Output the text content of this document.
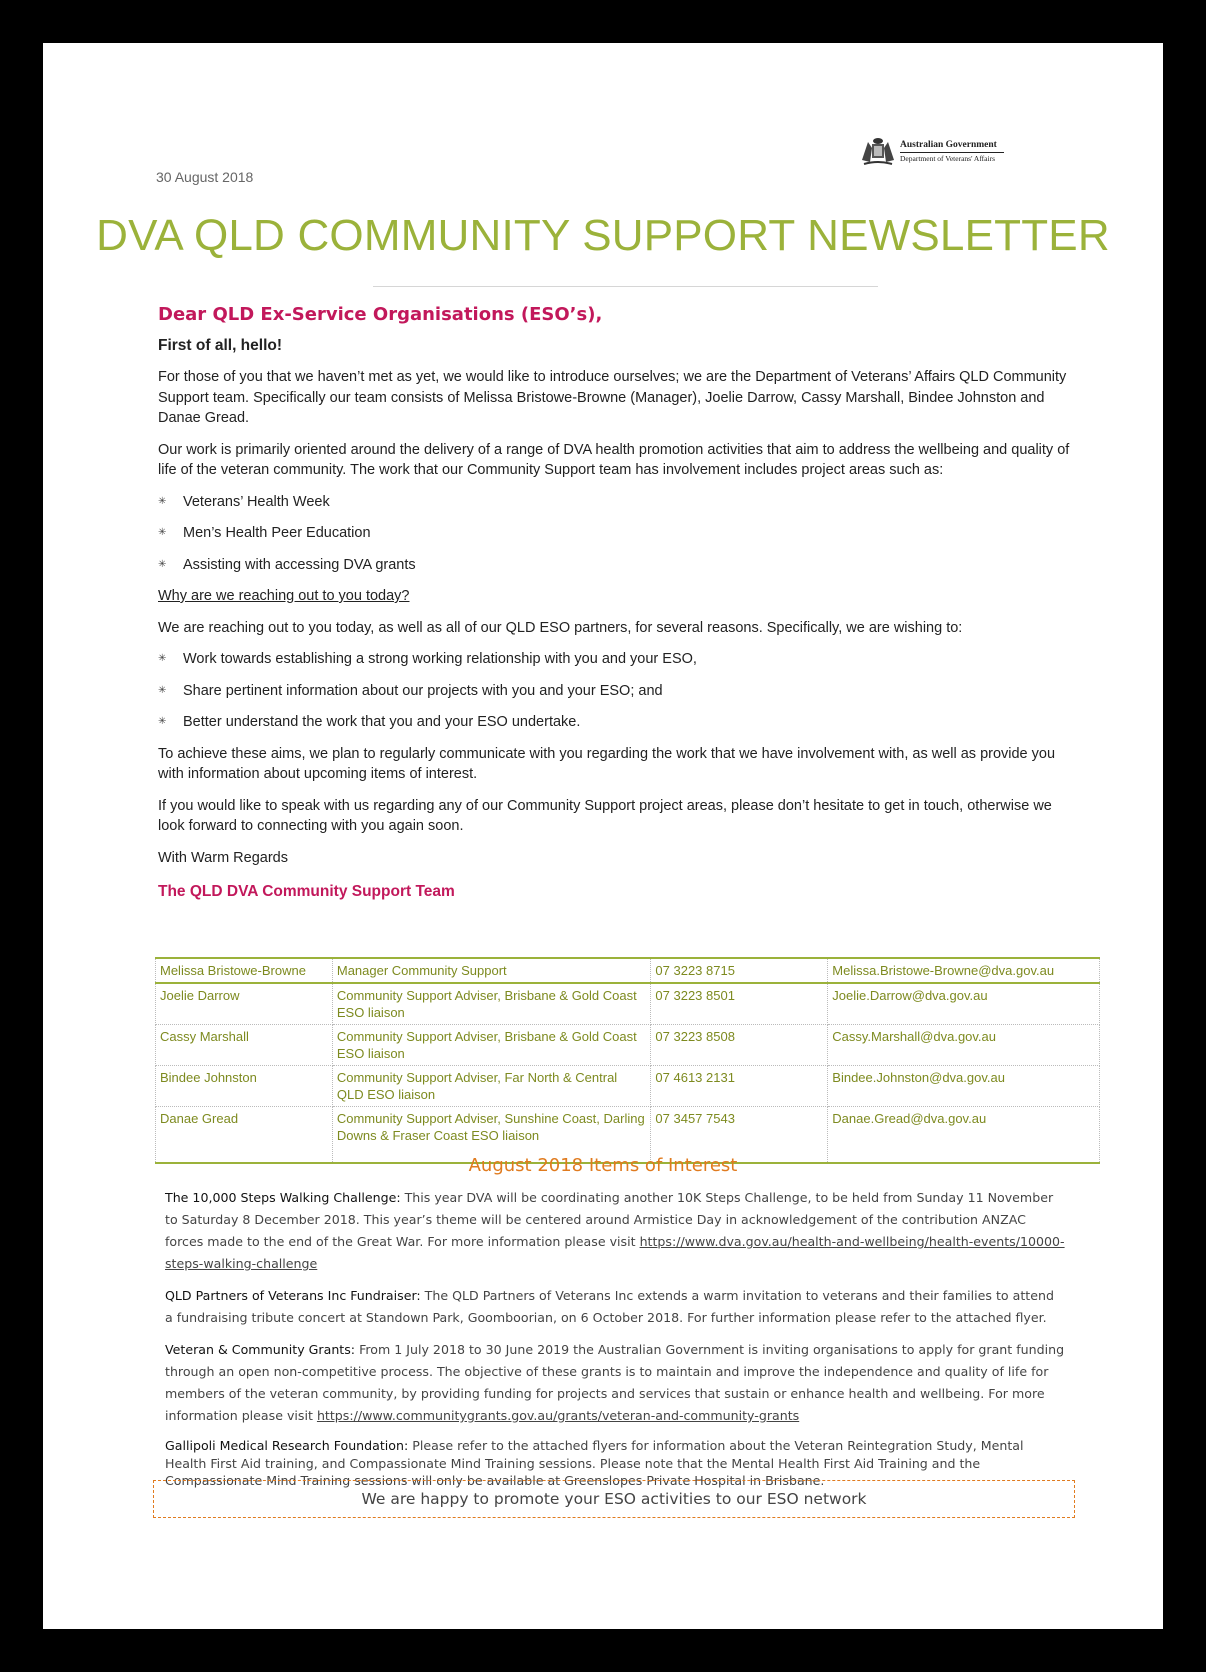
30 August 2018
Australian Government
Department of Veterans' Affairs
DVA QLD COMMUNITY SUPPORT NEWSLETTER
Dear QLD Ex-Service Organisations (ESO’s),
First of all, hello!

For those of you that we haven’t met as yet, we would like to introduce ourselves; we are the Department of Veterans’ Affairs QLD Community Support team. Specifically our team consists of Melissa Bristowe-Browne (Manager), Joelie Darrow, Cassy Marshall, Bindee Johnston and Danae Gread.

Our work is primarily oriented around the delivery of a range of DVA health promotion activities that aim to address the wellbeing and quality of life of the veteran community. The work that our Community Support team has involvement includes project areas such as:

✳ Veterans’ Health Week
✳ Men’s Health Peer Education
✳ Assisting with accessing DVA grants

Why are we reaching out to you today?

We are reaching out to you today, as well as all of our QLD ESO partners, for several reasons. Specifically, we are wishing to:

✳ Work towards establishing a strong working relationship with you and your ESO,
✳ Share pertinent information about our projects with you and your ESO; and
✳ Better understand the work that you and your ESO undertake.

To achieve these aims, we plan to regularly communicate with you regarding the work that we have involvement with, as well as provide you with information about upcoming items of interest.

If you would like to speak with us regarding any of our Community Support project areas, please don’t hesitate to get in touch, otherwise we look forward to connecting with you again soon.

With Warm Regards

The QLD DVA Community Support Team

Melissa Bristowe-Browne	Manager Community Support	07 3223 8715	Melissa.Bristowe-Browne@dva.gov.au
Joelie Darrow	Community Support Adviser, Brisbane & Gold Coast ESO liaison	07 3223 8501	Joelie.Darrow@dva.gov.au
Cassy Marshall	Community Support Adviser, Brisbane & Gold Coast ESO liaison	07 3223 8508	Cassy.Marshall@dva.gov.au
Bindee Johnston	Community Support Adviser, Far North & Central QLD ESO liaison	07 4613 2131	Bindee.Johnston@dva.gov.au
Danae Gread	Community Support Adviser, Sunshine Coast, Darling Downs & Fraser Coast ESO liaison	07 3457 7543	Danae.Gread@dva.gov.au
August 2018 Items of Interest

The 10,000 Steps Walking Challenge: This year DVA will be coordinating another 10K Steps Challenge, to be held from Sunday 11 November to Saturday 8 December 2018. This year’s theme will be centered around Armistice Day in acknowledgement of the contribution ANZAC forces made to the end of the Great War. For more information please visit https://www.dva.gov.au/health-and-wellbeing/health-events/10000-steps-walking-challenge

QLD Partners of Veterans Inc Fundraiser: The QLD Partners of Veterans Inc extends a warm invitation to veterans and their families to attend a fundraising tribute concert at Standown Park, Goomboorian, on 6 October 2018. For further information please refer to the attached flyer.

Veteran & Community Grants: From 1 July 2018 to 30 June 2019 the Australian Government is inviting organisations to apply for grant funding through an open non-competitive process. The objective of these grants is to maintain and improve the independence and quality of life for members of the veteran community, by providing funding for projects and services that sustain or enhance health and wellbeing. For more information please visit https://www.communitygrants.gov.au/grants/veteran-and-community-grants

Gallipoli Medical Research Foundation: Please refer to the attached flyers for information about the Veteran Reintegration Study, Mental Health First Aid training, and Compassionate Mind Training sessions. Please note that the Mental Health First Aid Training and the Compassionate Mind Training sessions will only be available at Greenslopes Private Hospital in Brisbane.

We are happy to promote your ESO activities to our ESO network
